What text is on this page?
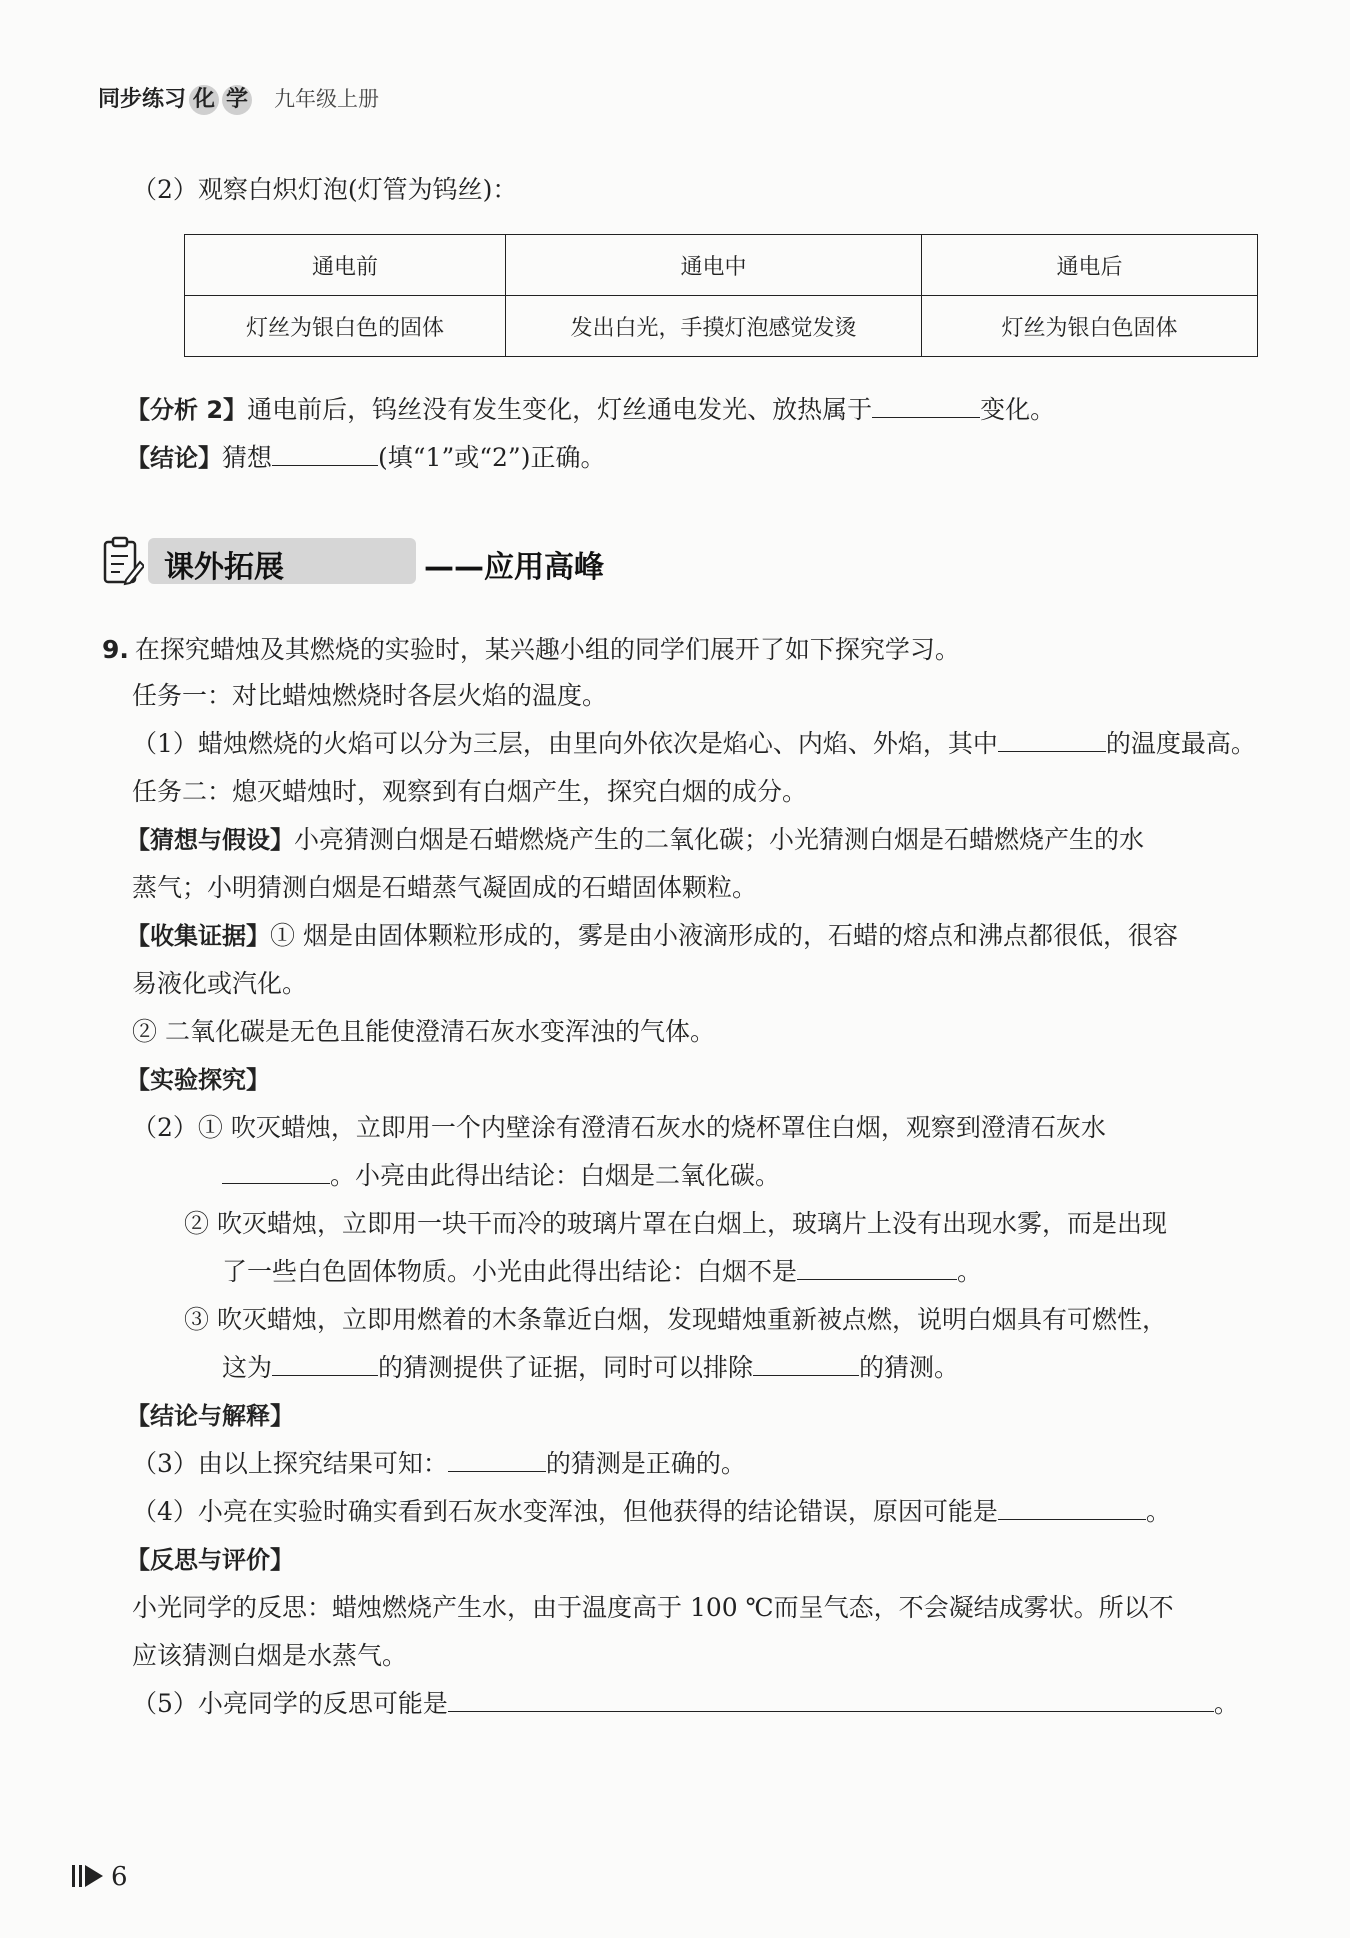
同步练习 化 学 九年级上册
（2）观察白炽灯泡(灯管为钨丝)：
通电前	通电中	通电后
灯丝为银白色的固体	发出白光，手摸灯泡感觉发烫	灯丝为银白色固体
【分析 2】通电前后，钨丝没有发生变化，灯丝通电发光、放热属于	变化。
【结论】猜想	(填“1”或“2”)正确。
课外拓展	——应用高峰
9. 在探究蜡烛及其燃烧的实验时，某兴趣小组的同学们展开了如下探究学习。
任务一：对比蜡烛燃烧时各层火焰的温度。
（1）蜡烛燃烧的火焰可以分为三层，由里向外依次是焰心、内焰、外焰，其中	的温度最高。
任务二：熄灭蜡烛时，观察到有白烟产生，探究白烟的成分。
【猜想与假设】小亮猜测白烟是石蜡燃烧产生的二氧化碳；小光猜测白烟是石蜡燃烧产生的水
蒸气；小明猜测白烟是石蜡蒸气凝固成的石蜡固体颗粒。
【收集证据】① 烟是由固体颗粒形成的，雾是由小液滴形成的，石蜡的熔点和沸点都很低，很容
易液化或汽化。
② 二氧化碳是无色且能使澄清石灰水变浑浊的气体。
【实验探究】
（2）① 吹灭蜡烛，立即用一个内壁涂有澄清石灰水的烧杯罩住白烟，观察到澄清石灰水
。小亮由此得出结论：白烟是二氧化碳。
② 吹灭蜡烛，立即用一块干而冷的玻璃片罩在白烟上，玻璃片上没有出现水雾，而是出现
了一些白色固体物质。小光由此得出结论：白烟不是	。
③ 吹灭蜡烛，立即用燃着的木条靠近白烟，发现蜡烛重新被点燃，说明白烟具有可燃性，
这为	的猜测提供了证据，同时可以排除	的猜测。
【结论与解释】
（3）由以上探究结果可知：	的猜测是正确的。
（4）小亮在实验时确实看到石灰水变浑浊，但他获得的结论错误，原因可能是	。
【反思与评价】
小光同学的反思：蜡烛燃烧产生水，由于温度高于 100 ℃而呈气态，不会凝结成雾状。所以不
应该猜测白烟是水蒸气。
（5）小亮同学的反思可能是	。
6
